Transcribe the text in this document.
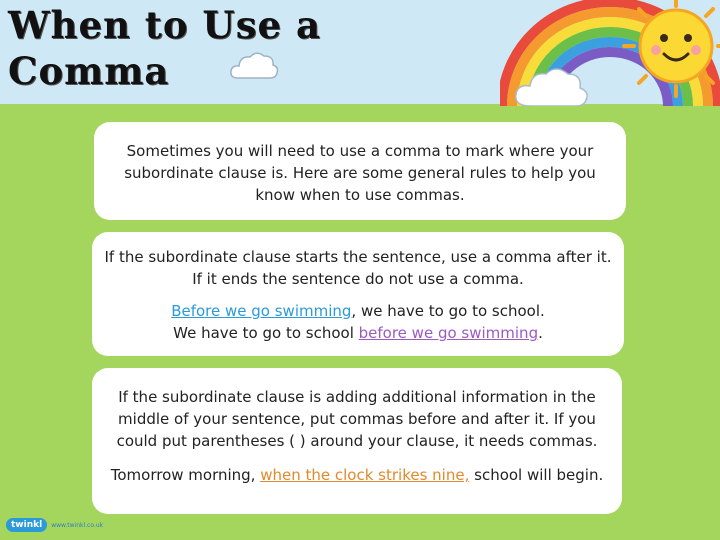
When to Use a
Comma

Sometimes you will need to use a comma to mark where your subordinate clause is. Here are some general rules to help you know when to use commas.

If the subordinate clause starts the sentence, use a comma after it.

If it ends the sentence do not use a comma.

Before we go swimming, we have to go to school.

We have to go to school before we go swimming.

If the subordinate clause is adding additional information in the middle of your sentence, put commas before and after it. If you could put parentheses ( ) around your clause, it needs commas.

Tomorrow morning, when the clock strikes nine, school will begin.

twinkl	www.twinkl.co.uk
